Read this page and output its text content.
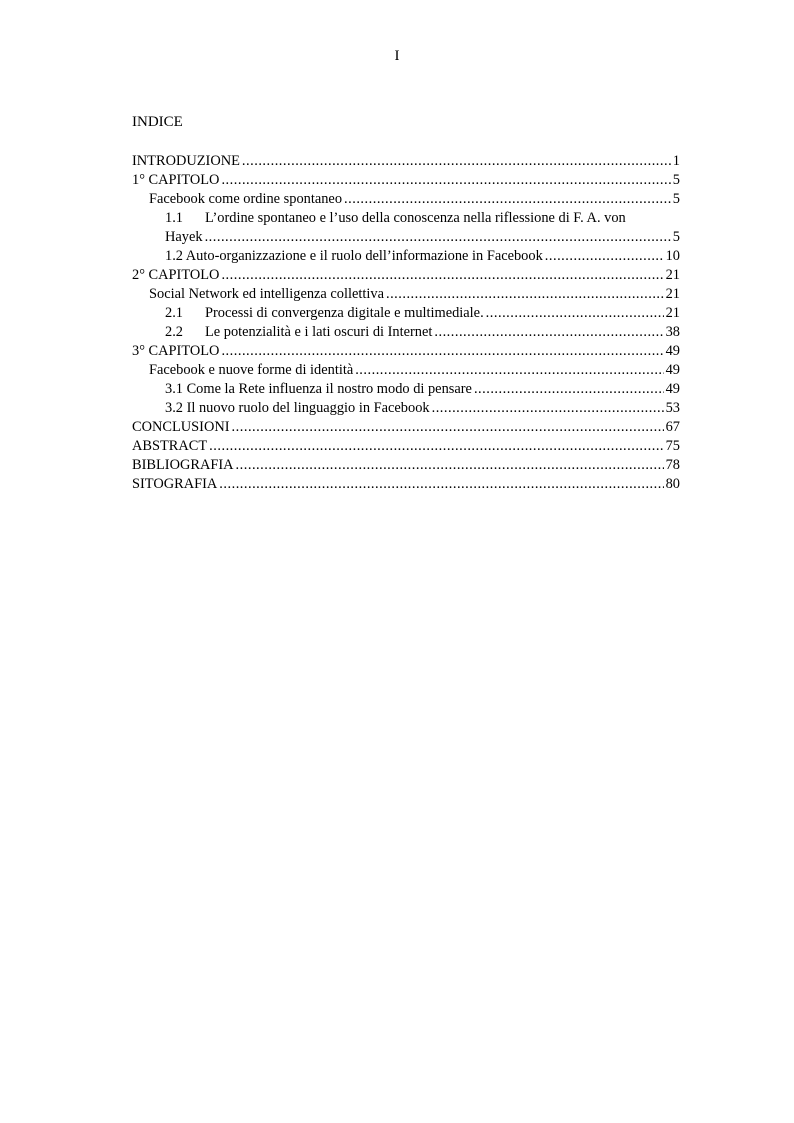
I
INDICE
INTRODUZIONE .....	1
1° CAPITOLO .....	5
Facebook come ordine spontaneo .....	5
1.1	L’ordine spontaneo e l’uso della conoscenza nella riflessione di F. A. von
Hayek .....	5
1.2 Auto-organizzazione e il ruolo dell’informazione in Facebook .....	10
2° CAPITOLO .....	21
Social Network ed intelligenza collettiva .....	21
2.1	Processi di convergenza digitale e multimediale. .....	21
2.2	Le potenzialità e i lati oscuri di Internet .....	38
3° CAPITOLO .....	49
Facebook e nuove forme di identità .....	49
3.1 Come la Rete influenza il nostro modo di pensare .....	49
3.2 Il nuovo ruolo del linguaggio in Facebook .....	53
CONCLUSIONI .....	67
ABSTRACT .....	75
BIBLIOGRAFIA .....	78
SITOGRAFIA .....	80
